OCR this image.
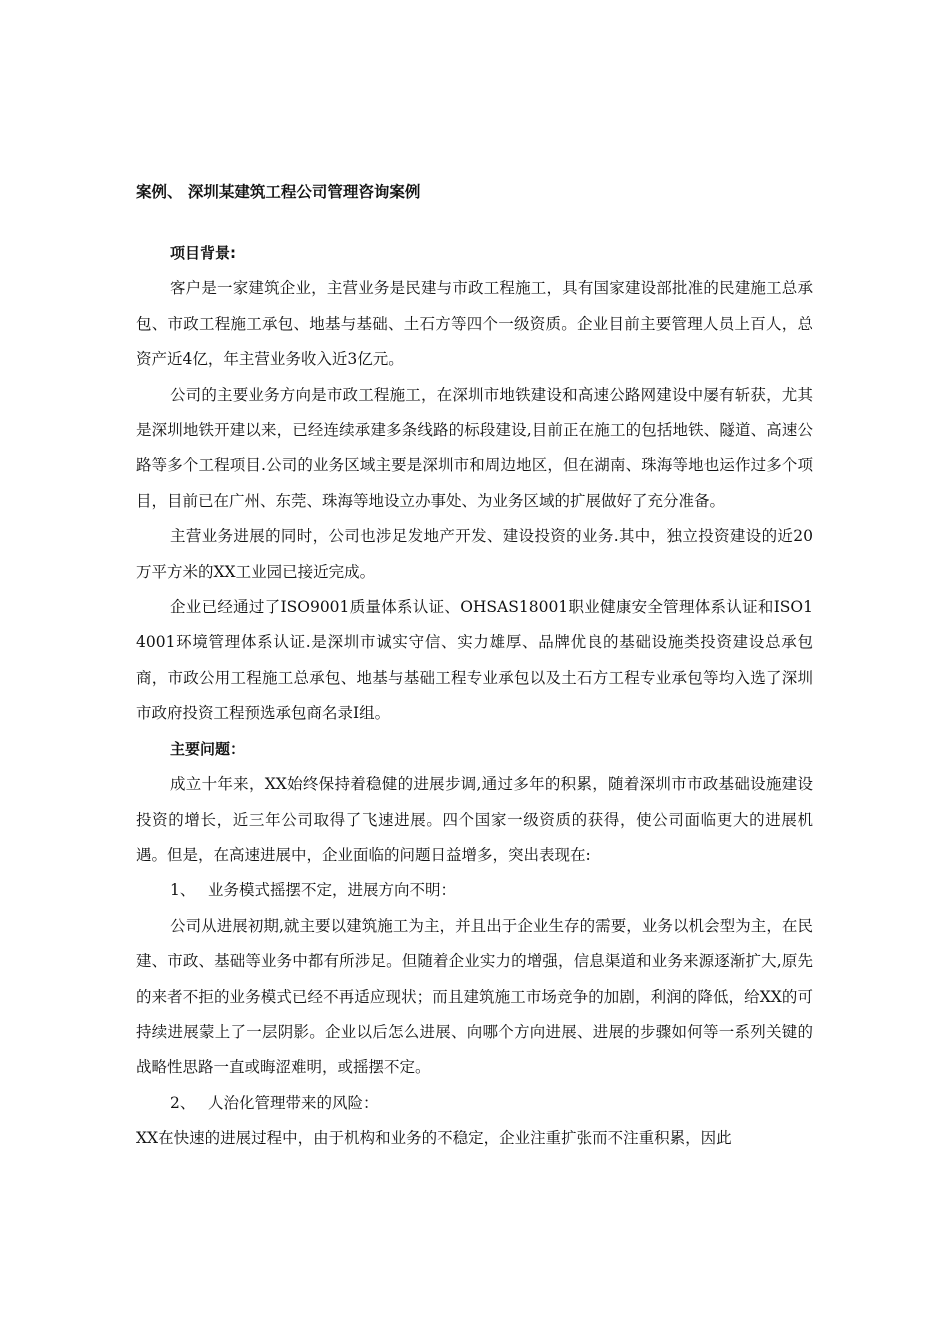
案例、 深圳某建筑工程公司管理咨询案例

项目背景:

客户是一家建筑企业，主营业务是民建与市政工程施工，具有国家建设部批准的民建施工总承包、市政工程施工承包、地基与基础、土石方等四个一级资质。企业目前主要管理人员上百人，总资产近4亿，年主营业务收入近3亿元。

公司的主要业务方向是市政工程施工，在深圳市地铁建设和高速公路网建设中屡有斩获，尤其是深圳地铁开建以来，已经连续承建多条线路的标段建设,目前正在施工的包括地铁、隧道、高速公路等多个工程项目.公司的业务区域主要是深圳市和周边地区，但在湖南、珠海等地也运作过多个项目，目前已在广州、东莞、珠海等地设立办事处、为业务区域的扩展做好了充分准备。

主营业务进展的同时，公司也涉足发地产开发、建设投资的业务.其中，独立投资建设的近20万平方米的XX工业园已接近完成。

企业已经通过了ISO9001质量体系认证、OHSAS18001职业健康安全管理体系认证和ISO14001环境管理体系认证.是深圳市诚实守信、实力雄厚、品牌优良的基础设施类投资建设总承包商，市政公用工程施工总承包、地基与基础工程专业承包以及土石方工程专业承包等均入选了深圳市政府投资工程预选承包商名录Ⅰ组。

主要问题：

成立十年来，XX始终保持着稳健的进展步调,通过多年的积累，随着深圳市市政基础设施建设投资的增长，近三年公司取得了飞速进展。四个国家一级资质的获得，使公司面临更大的进展机遇。但是，在高速进展中，企业面临的问题日益增多，突出表现在:

1、 业务模式摇摆不定，进展方向不明：

公司从进展初期,就主要以建筑施工为主，并且出于企业生存的需要，业务以机会型为主，在民建、市政、基础等业务中都有所涉足。但随着企业实力的增强，信息渠道和业务来源逐渐扩大,原先的来者不拒的业务模式已经不再适应现状；而且建筑施工市场竞争的加剧，利润的降低，给XX的可持续进展蒙上了一层阴影。企业以后怎么进展、向哪个方向进展、进展的步骤如何等一系列关键的战略性思路一直或晦涩难明，或摇摆不定。

2、 人治化管理带来的风险：

XX在快速的进展过程中，由于机构和业务的不稳定，企业注重扩张而不注重积累，因此
